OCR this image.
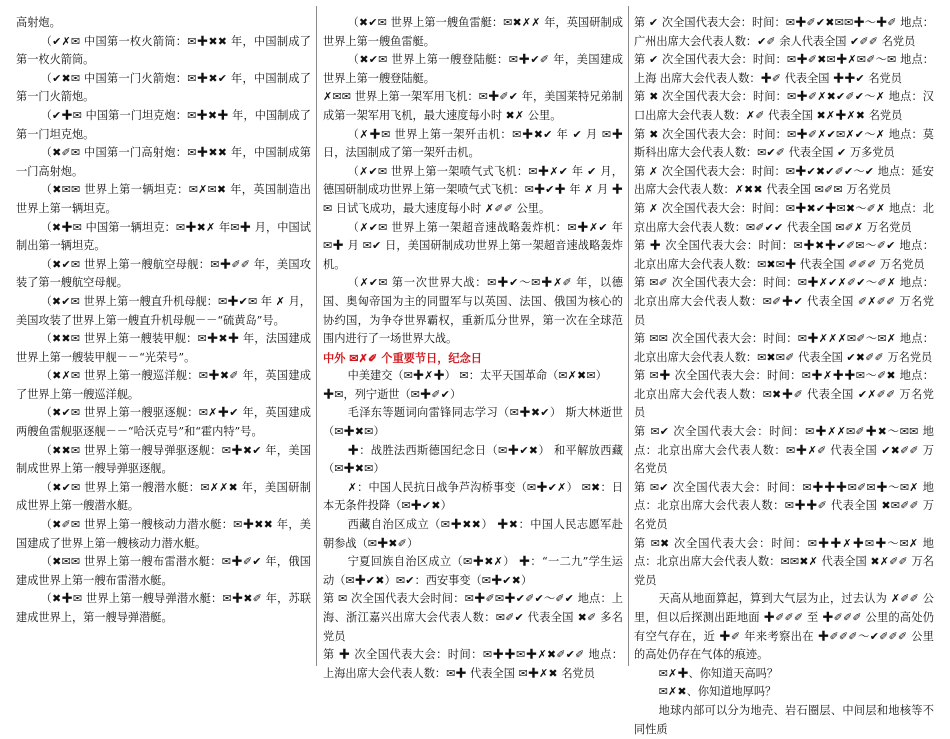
高射炮。

（✔✗✉ 中国第一枚火箭筒：✉✚✖✖ 年，中国制成了第一枚火箭筒。

（✔✖✉ 中国第一门火箭炮：✉✚✖✔ 年，中国制成了第一门火箭炮。

（✔✚✉ 中国第一门坦克炮：✉✚✖✚ 年，中国制成了第一门坦克炮。

（✖✐✉ 中国第一门高射炮：✉✚✖✖ 年，中国制成第一门高射炮。

（✖✉✉ 世界上第一辆坦克：✉✗✉✖ 年，英国制造出世界上第一辆坦克。

（✖✚✉ 中国第一辆坦克：✉✚✖✗ 年✉✚ 月，中国试制出第一辆坦克。

（✖✔✉ 世界上第一艘航空母舰：✉✚✐✐ 年，美国攻装了第一艘航空母舰。

（✖✔✉ 世界上第一艘直升机母舰：✉✚✔✉ 年 ✗ 月，美国攻装了世界上第一艘直升机母舰－－“硫黄岛”号。

（✖✖✉ 世界上第一艘装甲舰：✉✚✖✚ 年，法国建成世界上第一艘装甲舰－－“光荣号”。

（✖✗✉ 世界上第一艘巡洋舰：✉✚✖✐ 年，英国建成了世界上第一艘巡洋舰。

（✖✔✉ 世界上第一艘驱逐舰：✉✗✚✔ 年，英国建成两艘鱼雷舰驱逐舰－－“哈沃克号”和“霍内特”号。

（✖✖✉ 世界上第一艘导弹驱逐舰：✉✚✖✔ 年，美国制成世界上第一艘导弹驱逐舰。

（✖✔✉ 世界上第一艘潜水艇：✉✗✗✖ 年，美国研制成世界上第一艘潜水艇。

（✖✐✉ 世界上第一艘核动力潜水艇：✉✚✖✖ 年，美国建成了世界上第一艘核动力潜水艇。

（✖✉✉ 世界上第一艘布雷潜水艇：✉✚✐✔ 年，俄国建成世界上第一艘布雷潜水艇。

（✖✚✉ 世界上第一艘导弹潜水艇：✉✚✖✐ 年，苏联建成世界上，第一艘导弹潜艇。

（✖✔✉ 世界上第一艘鱼雷艇：✉✖✗✗ 年，英国研制成世界上第一艘鱼雷艇。

（✖✔✉ 世界上第一艘登陆艇：✉✚✔✐ 年，美国建成世界上第一艘登陆艇。

✗✉✉ 世界上第一架军用飞机：✉✚✐✔ 年，美国莱特兄弟制成第一架军用飞机，最大速度每小时 ✖✗ 公里。

（✗✚✉ 世界上第一架歼击机：✉✚✖✔ 年 ✔ 月 ✉✚ 日，法国制成了第一架歼击机。

（✗✔✉ 世界上第一架喷气式飞机：✉✚✗✔ 年 ✔ 月，德国研制成功世界上第一架喷气式飞机：✉✚✔✚ 年 ✗ 月 ✚✉ 日试飞成功，最大速度每小时 ✗✐✐ 公里。

（✗✔✉ 世界上第一架超音速战略轰炸机：✉✚✗✔ 年 ✉✚ 月 ✉✔ 日，美国研制成功世界上第一架超音速战略轰炸机。

（✗✔✉ 第一次世界大战：✉✚✔～✉✚✗✐ 年，以德国、奥匈帝国为主的同盟军与以英国、法国、俄国为核心的协约国，为争夺世界霸权，重新瓜分世界，第一次在全球范围内进行了一场世界大战。

中外 ✉✗✐ 个重要节日，纪念日

中美建交（✉✚✗✚） ✉：太平天国革命（✉✗✖✉）

✚✉，列宁逝世（✉✚✐✔）

毛泽东等题词向雷锋同志学习（✉✚✖✔） 斯大林逝世（✉✚✖✉）

✚：战胜法西斯德国纪念日（✉✚✔✖） 和平解放西藏（✉✚✖✉）

✗：中国人民抗日战争芦沟桥事变（✉✚✔✗） ✉✖：日本无条件投降（✉✚✔✖）

西藏自治区成立（✉✚✖✖） ✚✖：中国人民志愿军赴朝参战（✉✚✖✐）

宁夏回族自治区成立（✉✚✖✗） ✚：“一二九”学生运动（✉✚✔✖）✉✔：西安事变（✉✚✔✖）

第 ✉ 次全国代表大会时间：✉✚✐✉✚✔✐✔～✐✔ 地点：上海、浙江嘉兴出席大会代表人数：✉✐✔ 代表全国 ✖✐ 多名党员

第 ✚ 次全国代表大会：时间：✉✚✚✉✚✗✖✐✔✐ 地点：上海出席大会代表人数：✉✚ 代表全国 ✉✚✗✖ 名党员

第 ✔ 次全国代表大会：时间：✉✚✐✔✖✉✉✚～✚✐ 地点：广州出席大会代表人数：✔✐ 余人代表全国 ✔✐✐ 名党员

第 ✔ 次全国代表大会：时间：✉✚✐✖✉✚✗✉✐～✉ 地点：上海 出席大会代表人数：✚✐ 代表全国 ✚✚✔ 名党员

第 ✖ 次全国代表大会：时间：✉✚✐✗✖✔✐✔～✗ 地点：汉口出席大会代表人数：✗✐ 代表全国 ✖✗✚✗✖ 名党员

第 ✖ 次全国代表大会：时间：✉✚✐✗✔✉✗✔～✗ 地点：莫斯科出席大会代表人数：✉✔✐ 代表全国 ✔ 万多党员

第 ✗ 次全国代表大会：时间：✉✚✔✖✔✐✔～✔ 地点：延安出席大会代表人数：✗✖✖ 代表全国 ✉✐✉ 万名党员

第 ✗ 次全国代表大会：时间：✉✚✖✔✚✉✖～✐✗ 地点：北京出席大会代表人数：✉✐✔✔ 代表全国 ✉✐✗ 万名党员

第 ✚ 次全国代表大会：时间：✉✚✖✚✔✐✉～✐✔ 地点：北京出席大会代表人数：✉✖✉✚ 代表全国 ✐✐✐ 万名党员

第 ✉✐ 次全国代表大会：时间：✉✚✗✔✗✐✔～✐✗ 地点：北京出席大会代表人数：✉✐✚✔ 代表全国 ✐✗✐✐ 万名党员

第 ✉✉ 次全国代表大会：时间：✉✚✗✗✗✉✐～✉✗ 地点：北京出席大会代表人数：✉✖✉✐ 代表全国 ✔✖✐✐ 万名党员

第 ✉✚ 次全国代表大会：时间：✉✚✗✚✚✉～✐✖ 地点：北京出席大会代表人数：✉✖✚✐ 代表全国 ✔✗✐✐ 万名党员

第 ✉✔ 次全国代表大会：时间：✉✚✗✗✉✐✚✖～✉✉ 地点：北京出席大会代表人数：✉✚✗✐ 代表全国 ✔✖✐✐ 万名党员

第 ✉✔ 次全国代表大会：时间：✉✚✚✚✉✐✉✚～✉✗ 地点：北京出席大会代表人数：✉✚✚✐ 代表全国 ✖✉✐✐ 万名党员

第 ✉✖ 次全国代表大会：时间：✉✚✚✗✚✉✚～✉✗ 地点：北京出席大会代表人数：✉✉✖✗ 代表全国 ✖✗✐✐ 万名党员

天高从地面算起，算到大气层为止，过去认为 ✗✐✐ 公里，但以后探测出距地面 ✚✐✐✐ 至 ✚✐✐✐ 公里的高处仍有空气存在，近 ✚✐ 年来考察出在 ✚✐✐✐～✔✐✐✐ 公里的高处仍存在气体的痕迹。

✉✗✚、你知道天高吗？

✉✗✖、你知道地厚吗？

地球内部可以分为地壳、岩石圈层、中间层和地核等不同性质
